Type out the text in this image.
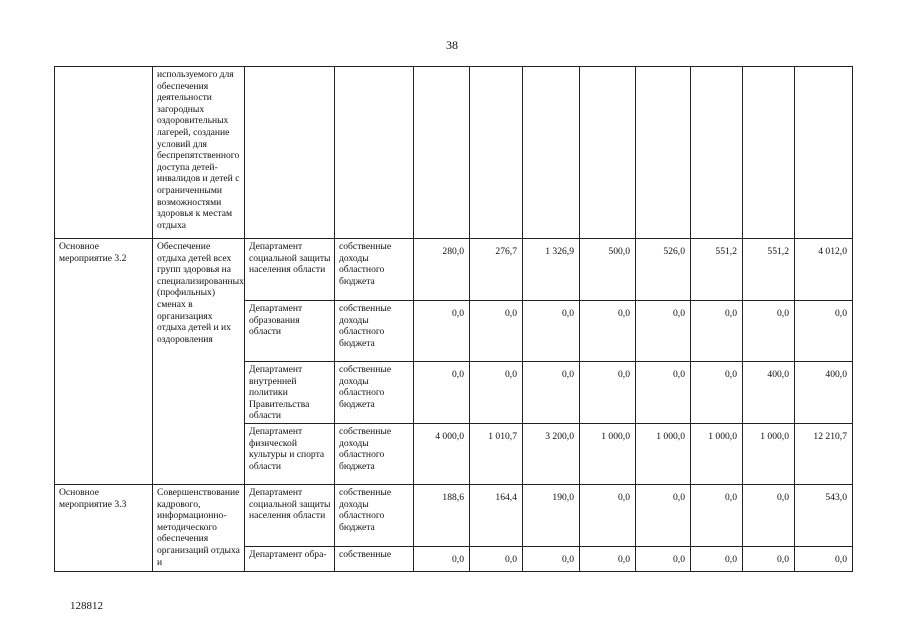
38
	используемого для обеспечения деятельности загородных оздоровительных лагерей, создание условий для беспрепятственного доступа детей-инвалидов и детей с ограниченными возможностями здоровья к местам отдыха										
Основное мероприятие 3.2	Обеспечение отдыха детей всех групп здоровья на специализированных (профильных) сменах в организациях отдыха детей и их оздоровления	Департамент социальной защиты населения области	собственные доходы областного бюджета	280,0	276,7	1 326,9	500,0	526,0	551,2	551,2	4 012,0
		Департамент образования области	собственные доходы областного бюджета	0,0	0,0	0,0	0,0	0,0	0,0	0,0	0,0
		Департамент внутренней политики Правительства области	собственные доходы областного бюджета	0,0	0,0	0,0	0,0	0,0	0,0	400,0	400,0
		Департамент физической культуры и спорта области	собственные доходы областного бюджета	4 000,0	1 010,7	3 200,0	1 000,0	1 000,0	1 000,0	1 000,0	12 210,7
Основное мероприятие 3.3	Совершенствование кадрового, информационно-методического обеспечения организаций отдыха и	Департамент социальной защиты населения области	собственные доходы областного бюджета	188,6	164,4	190,0	0,0	0,0	0,0	0,0	543,0
		Департамент обра-	собственные	0,0	0,0	0,0	0,0	0,0	0,0	0,0	0,0
128812
